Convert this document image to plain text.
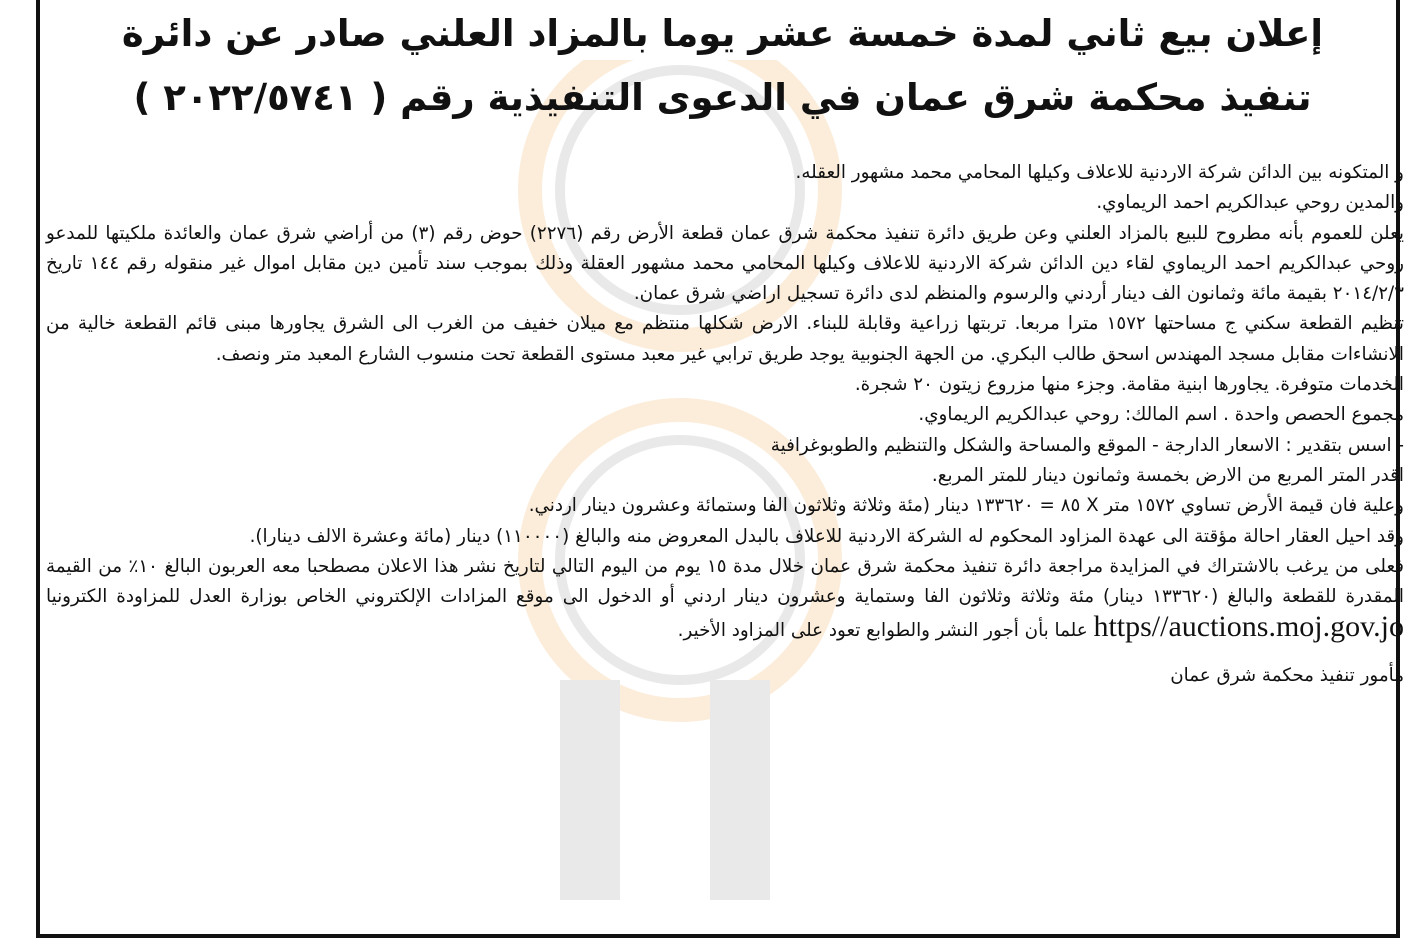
إعلان بيع ثاني لمدة خمسة عشر يوما بالمزاد العلني صادر عن دائرة
تنفيذ محكمة شرق عمان في الدعوى التنفيذية رقم ( ٢٠٢٢/٥٧٤١ )

و المتكونه بين الدائن شركة الاردنية للاعلاف وكيلها المحامي محمد مشهور العقله.

والمدين روحي عبدالكريم احمد الريماوي.

يعلن للعموم بأنه مطروح للبيع بالمزاد العلني وعن طريق دائرة تنفيذ محكمة شرق عمان قطعة الأرض رقم (٢٢٧٦) حوض رقم (٣) من أراضي شرق عمان والعائدة ملكيتها للمدعو روحي عبدالكريم احمد الريماوي لقاء دين الدائن شركة الاردنية للاعلاف وكيلها المحامي محمد مشهور العقلة وذلك بموجب سند تأمين دين مقابل اموال غير منقوله رقم ١٤٤ تاريخ ٢٠١٤/٢/٣ بقيمة مائة وثمانون الف دينار أردني والرسوم والمنظم لدى دائرة تسجيل اراضي شرق عمان.

تنظيم القطعة سكني ج مساحتها ١٥٧٢ مترا مربعا. تربتها زراعية وقابلة للبناء. الارض شكلها منتظم مع ميلان خفيف من الغرب الى الشرق يجاورها مبنى قائم القطعة خالية من الانشاءات مقابل مسجد المهندس اسحق طالب البكري. من الجهة الجنوبية يوجد طريق ترابي غير معبد مستوى القطعة تحت منسوب الشارع المعبد متر ونصف.

الخدمات متوفرة. يجاورها ابنية مقامة. وجزء منها مزروع زيتون ٢٠ شجرة.

مجموع الحصص واحدة . اسم المالك: روحي عبدالكريم الريماوي.

- اسس بتقدير : الاسعار الدارجة - الموقع والمساحة والشكل والتنظيم والطوبوغرافية

اقدر المتر المربع من الارض بخمسة وثمانون دينار للمتر المربع.

وعلية فان قيمة الأرض تساوي ١٥٧٢ متر X ٨٥ = ١٣٣٦٢٠ دينار (مئة وثلاثة وثلاثون الفا وستمائة وعشرون دينار اردني.

وقد احيل العقار احالة مؤقتة الى عهدة المزاود المحكوم له الشركة الاردنية للاعلاف بالبدل المعروض منه والبالغ (١١٠٠٠٠) دينار (مائة وعشرة الالف دينارا).

فعلى من يرغب بالاشتراك في المزايدة مراجعة دائرة تنفيذ محكمة شرق عمان خلال مدة ١٥ يوم من اليوم التالي لتاريخ نشر هذا الاعلان مصطحبا معه العربون البالغ ١٠٪ من القيمة المقدرة للقطعة والبالغ (١٣٣٦٢٠ دينار) مئة وثلاثة وثلاثون الفا وستماية وعشرون دينار اردني أو الدخول الى موقع المزادات الإلكتروني الخاص بوزارة العدل للمزاودة الكترونيا https//auctions.moj.gov.jo علما بأن أجور النشر والطوابع تعود على المزاود الأخير.

مأمور تنفيذ محكمة شرق عمان
